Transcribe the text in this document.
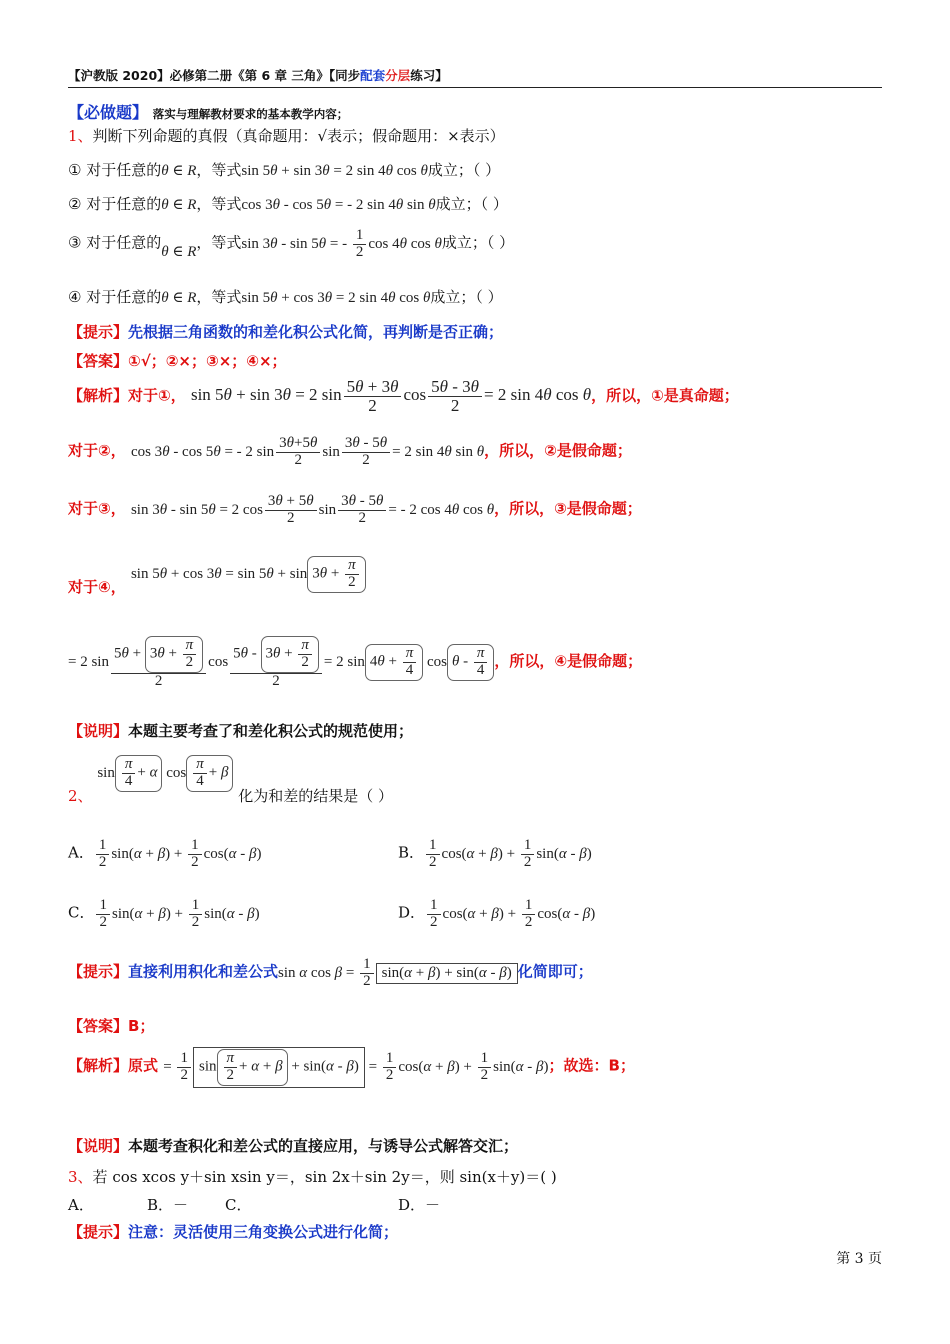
【沪教版 2020】必修第二册《第 6 章 三角》【同步配套分层练习】
【必做题】 落实与理解教材要求的基本教学内容；
1、判断下列命题的真假（真命题用：√表示；假命题用：×表示）
① 对于任意的θ ∈ R，等式sin 5θ + sin 3θ = 2 sin 4θ cos θ成立；（ ）
② 对于任意的θ ∈ R，等式cos 3θ - cos 5θ = - 2 sin 4θ sin θ成立；（ ）
③ 对于任意的θ ∈ R，等式sin 3θ - sin 5θ = - $\frac{1}{2}$ cos 4θ cos θ成立；（ ）
④ 对于任意的θ ∈ R，等式sin 5θ + cos 3θ = 2 sin 4θ cos θ成立；（ ）
【提示】先根据三角函数的和差化积公式化简，再判断是否正确；
【答案】①√；②×；③×；④×；
【解析】对于①， sin 5θ + sin 3θ = 2 $\sin \frac{5\theta + 3\theta}{2}$ $\cos \frac{5\theta - 3\theta}{2} = 2$ sin 4θ cos θ，所以，①是真命题；
对于②， cos 3θ - cos 5θ = - 2 $\sin \frac{3\theta+5\theta}{2}$ $\sin \frac{3\theta - 5\theta}{2} = 2$ sin 4θ sin θ，所以，②是假命题；
对于③， sin 3θ - sin 5θ = 2 $\cos \frac{3\theta + 5\theta}{2}$ $\sin \frac{3\theta - 5\theta}{2}$ = - 2 cos 4θ cos θ，所以，③是假命题；
对于④， $\sin 5\theta + \cos 3\theta = \sin 5\theta + \sin 3\theta + \frac{\pi}{2}$
= 2 $\sin \frac{5\theta + 3\theta + \frac{\pi}{2}}{2}$ $\cos \frac{5\theta - 3\theta + \frac{\pi}{2}}{2} = 2$ $\sin 4\theta + \frac{\pi}{4}$ cos θ - $\frac{\pi}{4}$ ，所以，④是假命题；
【说明】本题主要考查了和差化积公式的规范使用；
2、 $\sin \frac{\pi}{4} + \alpha$ $\cos \frac{\pi}{4} + \beta$ 化为和差的结果是（ ）
A． $\frac{1}{2} \sin(\alpha + \beta) + \frac{1}{2} \cos(\alpha - \beta)$	B． $\frac{1}{2} \cos(\alpha + \beta) + \frac{1}{2} \sin(\alpha - \beta)$
C． $\frac{1}{2} \sin(\alpha + \beta) + \frac{1}{2} \sin(\alpha - \beta)$	D． $\frac{1}{2} \cos(\alpha + \beta) + \frac{1}{2} \cos(\alpha - \beta)$
【提示】直接利用积化和差公式sin α $\cos \beta = \frac{1}{2} \sin(\alpha + \beta) + \sin(\alpha - \beta)$ 化简即可；
【答案】B；
【解析】原式 = $\frac{1}{2}$ $\sin \frac{\pi}{2} + \alpha + \beta + \sin(\alpha - \beta) = \frac{1}{2} \cos(\alpha + \beta) + \frac{1}{2} \sin(\alpha - \beta)$；故选：B；
【说明】本题考查积化和差公式的直接应用，与诱导公式解答交汇；
3、若 cos xcos y＋sin xsin y＝，sin 2x＋sin 2y＝，则 sin(x＋y)＝( )
A．	B．－ C．	D．－
【提示】注意：灵活使用三角变换公式进行化简；
第 3 页
